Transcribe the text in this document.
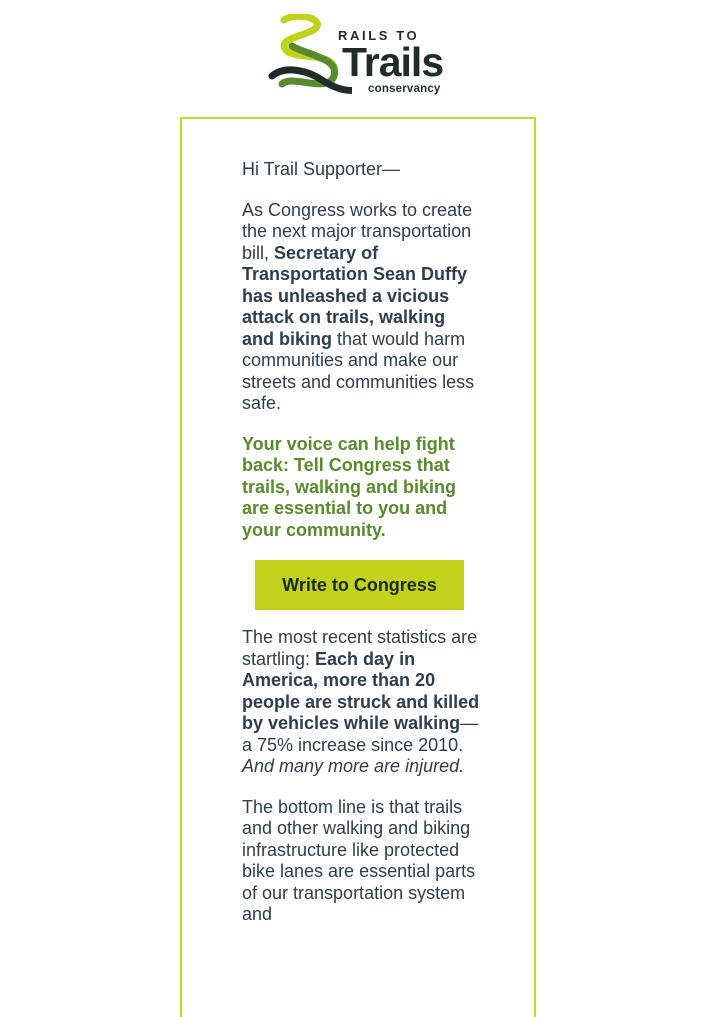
RAILS TO
Trails
conservancy

Hi Trail Supporter—

As Congress works to create the next major transportation bill, Secretary of Transportation Sean Duffy has unleashed a vicious attack on trails, walking and biking that would harm communities and make our streets and communities less safe.

Your voice can help fight back: Tell Congress that trails, walking and biking are essential to you and your community.

Write to Congress

The most recent statistics are startling: Each day in America, more than 20 people are struck and killed by vehicles while walking—a 75% increase since 2010. And many more are injured.

The bottom line is that trails and other walking and biking infrastructure like protected bike lanes are essential parts of our transportation system and
